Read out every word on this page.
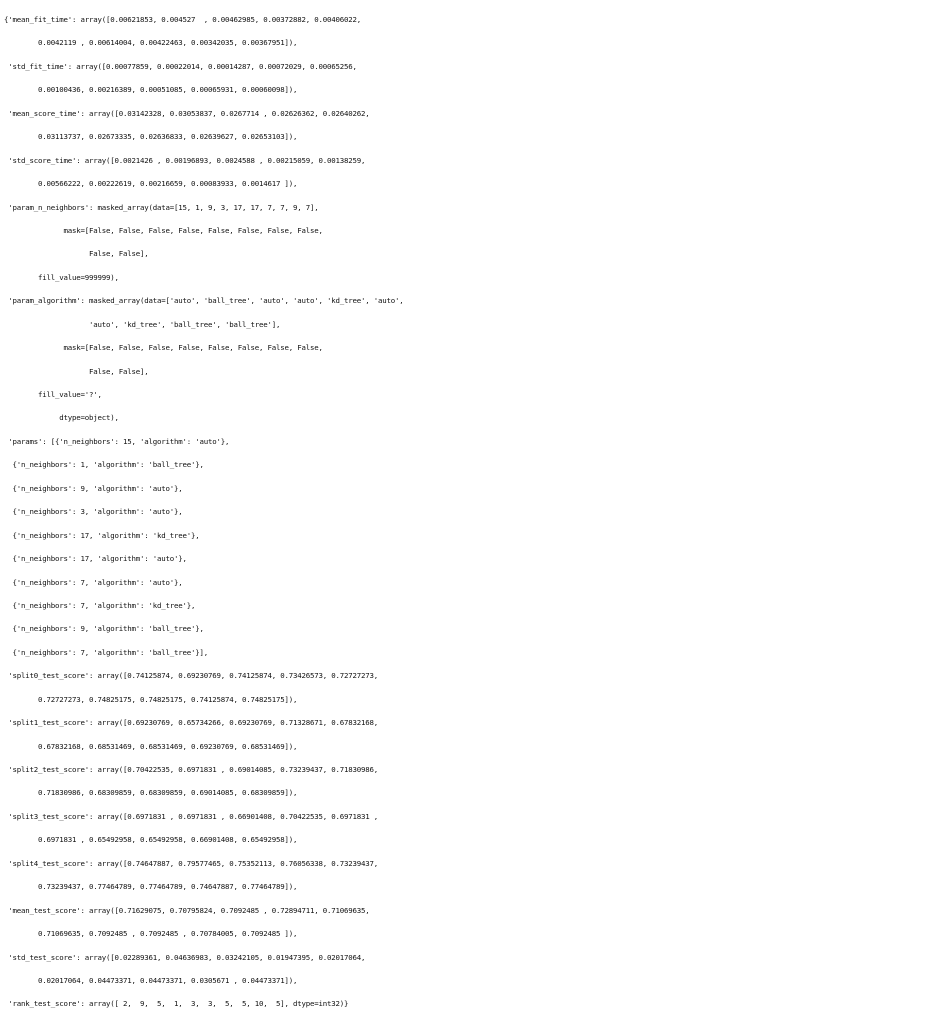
{'mean_fit_time': array([0.00621853, 0.004527  , 0.00462985, 0.00372882, 0.00406022,
0.0042119 , 0.00614004, 0.00422463, 0.00342035, 0.00367951]),
'std_fit_time': array([0.00077859, 0.00022014, 0.00014287, 0.00072029, 0.00065256,
0.00100436, 0.00216389, 0.00051085, 0.00065931, 0.00060098]),
'mean_score_time': array([0.03142328, 0.03053837, 0.0267714 , 0.02626362, 0.02640262,
0.03113737, 0.02673335, 0.02636833, 0.02639627, 0.02653103]),
'std_score_time': array([0.0021426 , 0.00196893, 0.0024588 , 0.00215059, 0.00138259,
0.00566222, 0.00222619, 0.00216659, 0.00083933, 0.0014617 ]),
'param_n_neighbors': masked_array(data=[15, 1, 9, 3, 17, 17, 7, 7, 9, 7],
mask=[False, False, False, False, False, False, False, False,
False, False],
fill_value=999999),
'param_algorithm': masked_array(data=['auto', 'ball_tree', 'auto', 'auto', 'kd_tree', 'auto',
'auto', 'kd_tree', 'ball_tree', 'ball_tree'],
mask=[False, False, False, False, False, False, False, False,
False, False],
fill_value='?',
dtype=object),
'params': [{'n_neighbors': 15, 'algorithm': 'auto'},
{'n_neighbors': 1, 'algorithm': 'ball_tree'},
{'n_neighbors': 9, 'algorithm': 'auto'},
{'n_neighbors': 3, 'algorithm': 'auto'},
{'n_neighbors': 17, 'algorithm': 'kd_tree'},
{'n_neighbors': 17, 'algorithm': 'auto'},
{'n_neighbors': 7, 'algorithm': 'auto'},
{'n_neighbors': 7, 'algorithm': 'kd_tree'},
{'n_neighbors': 9, 'algorithm': 'ball_tree'},
{'n_neighbors': 7, 'algorithm': 'ball_tree'}],
'split0_test_score': array([0.74125874, 0.69230769, 0.74125874, 0.73426573, 0.72727273,
0.72727273, 0.74825175, 0.74825175, 0.74125874, 0.74825175]),
'split1_test_score': array([0.69230769, 0.65734266, 0.69230769, 0.71328671, 0.67832168,
0.67832168, 0.68531469, 0.68531469, 0.69230769, 0.68531469]),
'split2_test_score': array([0.70422535, 0.6971831 , 0.69014085, 0.73239437, 0.71830986,
0.71830986, 0.68309859, 0.68309859, 0.69014085, 0.68309859]),
'split3_test_score': array([0.6971831 , 0.6971831 , 0.66901408, 0.70422535, 0.6971831 ,
0.6971831 , 0.65492958, 0.65492958, 0.66901408, 0.65492958]),
'split4_test_score': array([0.74647887, 0.79577465, 0.75352113, 0.76056338, 0.73239437,
0.73239437, 0.77464789, 0.77464789, 0.74647887, 0.77464789]),
'mean_test_score': array([0.71629075, 0.70795824, 0.7092485 , 0.72894711, 0.71069635,
0.71069635, 0.7092485 , 0.7092485 , 0.70784005, 0.7092485 ]),
'std_test_score': array([0.02289361, 0.04636983, 0.03242105, 0.01947395, 0.02017064,
0.02017064, 0.04473371, 0.04473371, 0.0305671 , 0.04473371]),
'rank_test_score': array([ 2,  9,  5,  1,  3,  3,  5,  5, 10,  5], dtype=int32)}
